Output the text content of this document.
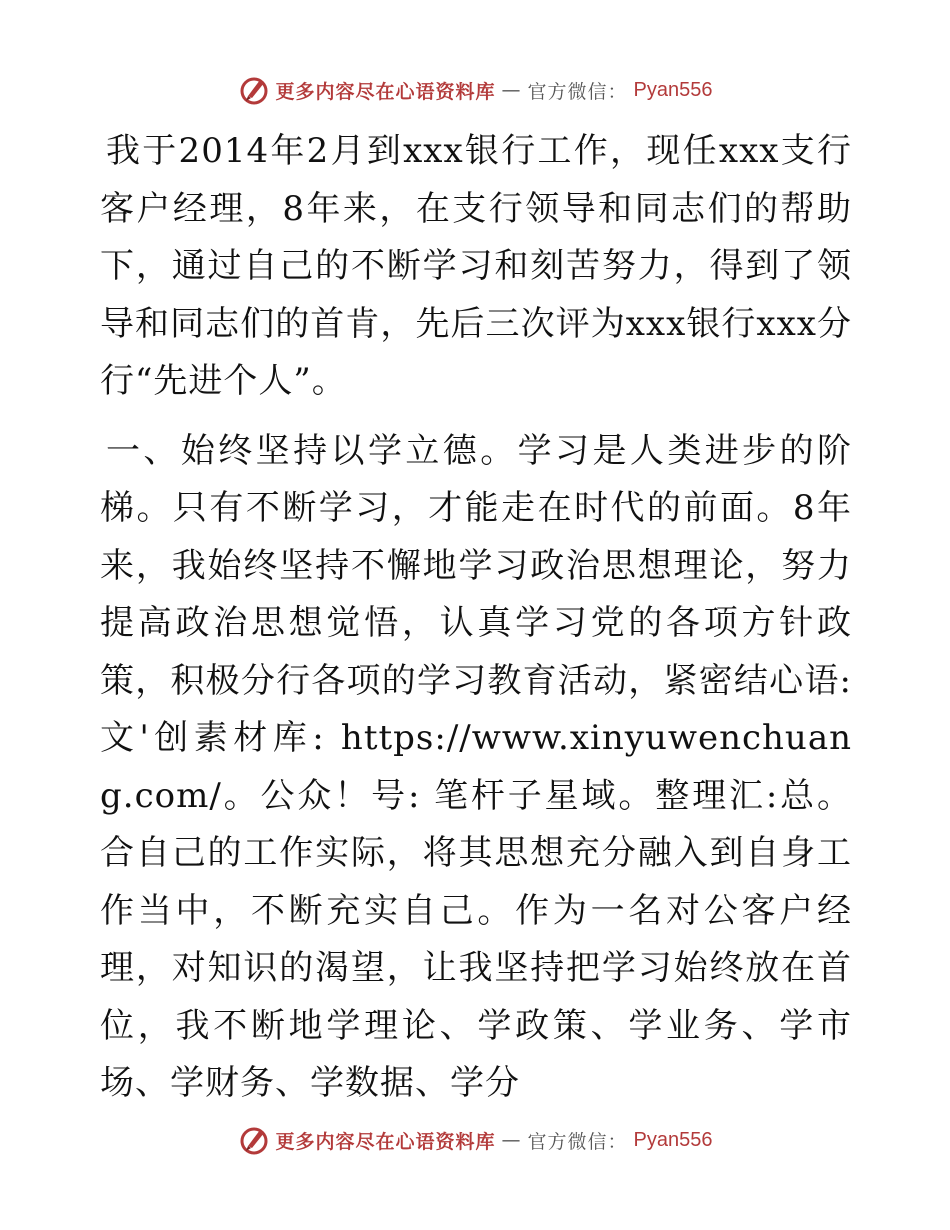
更多内容尽在心语资料库 — 官方微信： Pyan556

我于2014年2月到xxx银行工作，现任xxx支行客户经理，8年来，在支行领导和同志们的帮助下，通过自己的不断学习和刻苦努力，得到了领导和同志们的首肯，先后三次评为xxx银行xxx分行“先进个人”。

一、始终坚持以学立德。学习是人类进步的阶梯。只有不断学习，才能走在时代的前面。8年来，我始终坚持不懈地学习政治思想理论，努力提高政治思想觉悟，认真学习党的各项方针政策，积极分行各项的学习教育活动，紧密结心语:文'创素材库: https://www.xinyuwenchuang.com/。公众！号: 笔杆子星域。整理汇:总。合自己的工作实际，将其思想充分融入到自身工作当中，不断充实自己。作为一名对公客户经理，对知识的渴望，让我坚持把学习始终放在首位，我不断地学理论、学政策、学业务、学市场、学财务、学数据、学分

更多内容尽在心语资料库 — 官方微信： Pyan556
